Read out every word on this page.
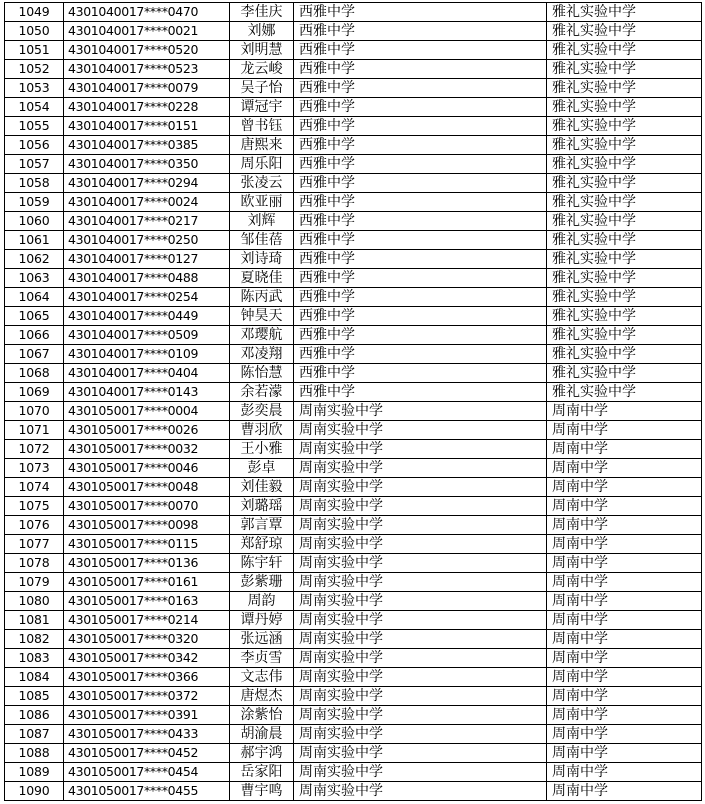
1049	4301040017****0470	李佳庆	西雅中学	雅礼实验中学
1050	4301040017****0021	刘娜	西雅中学	雅礼实验中学
1051	4301040017****0520	刘明慧	西雅中学	雅礼实验中学
1052	4301040017****0523	龙云峻	西雅中学	雅礼实验中学
1053	4301040017****0079	吴子怡	西雅中学	雅礼实验中学
1054	4301040017****0228	谭冠宇	西雅中学	雅礼实验中学
1055	4301040017****0151	曾书钰	西雅中学	雅礼实验中学
1056	4301040017****0385	唐熙来	西雅中学	雅礼实验中学
1057	4301040017****0350	周乐阳	西雅中学	雅礼实验中学
1058	4301040017****0294	张凌云	西雅中学	雅礼实验中学
1059	4301040017****0024	欧亚丽	西雅中学	雅礼实验中学
1060	4301040017****0217	刘辉	西雅中学	雅礼实验中学
1061	4301040017****0250	邹佳蓓	西雅中学	雅礼实验中学
1062	4301040017****0127	刘诗琦	西雅中学	雅礼实验中学
1063	4301040017****0488	夏晓佳	西雅中学	雅礼实验中学
1064	4301040017****0254	陈丙武	西雅中学	雅礼实验中学
1065	4301040017****0449	钟昊天	西雅中学	雅礼实验中学
1066	4301040017****0509	邓璎航	西雅中学	雅礼实验中学
1067	4301040017****0109	邓凌翔	西雅中学	雅礼实验中学
1068	4301040017****0404	陈怡慧	西雅中学	雅礼实验中学
1069	4301040017****0143	余若濛	西雅中学	雅礼实验中学
1070	4301050017****0004	彭奕晨	周南实验中学	周南中学
1071	4301050017****0026	曹羽欣	周南实验中学	周南中学
1072	4301050017****0032	王小雅	周南实验中学	周南中学
1073	4301050017****0046	彭卓	周南实验中学	周南中学
1074	4301050017****0048	刘佳毅	周南实验中学	周南中学
1075	4301050017****0070	刘璐瑶	周南实验中学	周南中学
1076	4301050017****0098	郭言覃	周南实验中学	周南中学
1077	4301050017****0115	郑舒琼	周南实验中学	周南中学
1078	4301050017****0136	陈宇轩	周南实验中学	周南中学
1079	4301050017****0161	彭紫珊	周南实验中学	周南中学
1080	4301050017****0163	周韵	周南实验中学	周南中学
1081	4301050017****0214	谭丹婷	周南实验中学	周南中学
1082	4301050017****0320	张远涵	周南实验中学	周南中学
1083	4301050017****0342	李贞雪	周南实验中学	周南中学
1084	4301050017****0366	文志伟	周南实验中学	周南中学
1085	4301050017****0372	唐煜杰	周南实验中学	周南中学
1086	4301050017****0391	涂紫怡	周南实验中学	周南中学
1087	4301050017****0433	胡渝晨	周南实验中学	周南中学
1088	4301050017****0452	郝宇鸿	周南实验中学	周南中学
1089	4301050017****0454	岳家阳	周南实验中学	周南中学
1090	4301050017****0455	曹宇鸣	周南实验中学	周南中学
